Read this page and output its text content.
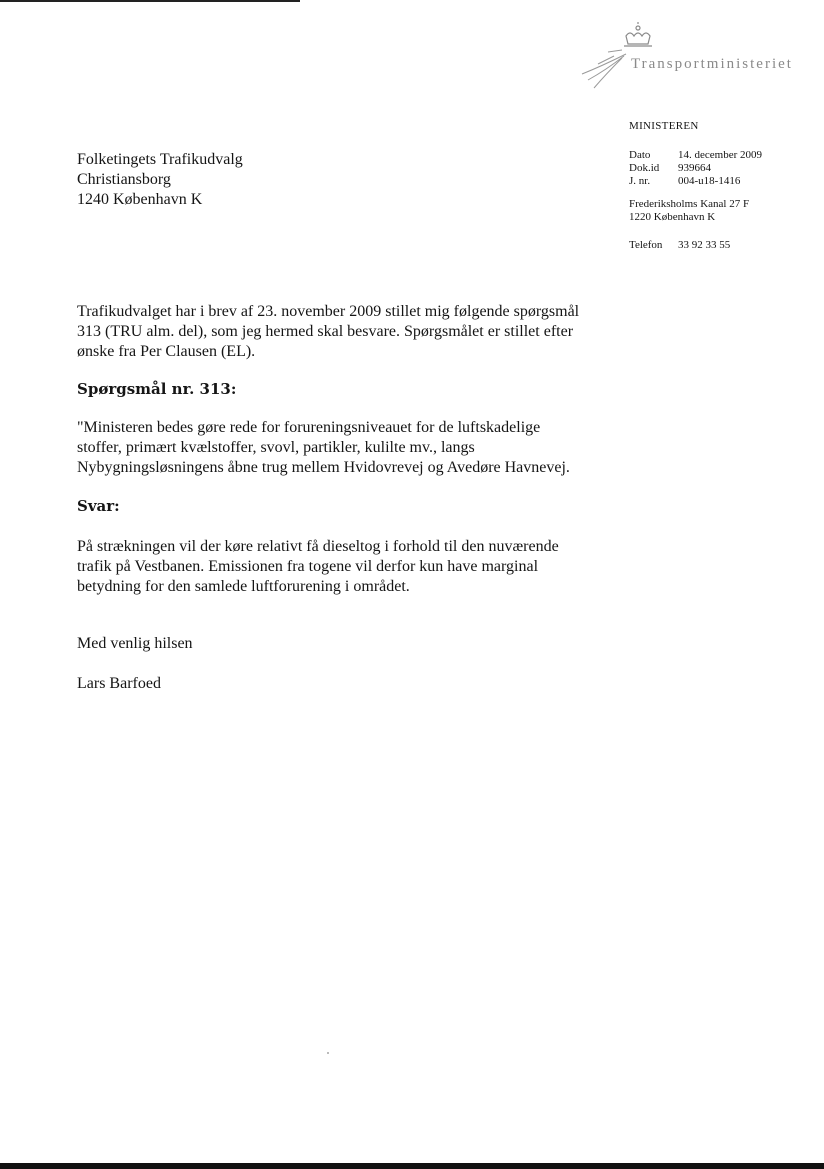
Transportministeriet
MINISTEREN
Dato	14. december 2009
Dok.id 939664
J. nr.	004-u18-1416
Frederiksholms Kanal 27 F
1220 København K
Telefon 33 92 33 55
Folketingets Trafikudvalg
Christiansborg
1240 København K
Trafikudvalget har i brev af 23. november 2009 stillet mig følgende spørgsmål
313 (TRU alm. del), som jeg hermed skal besvare. Spørgsmålet er stillet efter
ønske fra Per Clausen (EL).
Spørgsmål nr. 313:
"Ministeren bedes gøre rede for forureningsniveauet for de luftskadelige
stoffer, primært kvælstoffer, svovl, partikler, kulilte mv., langs
Nybygningsløsningens åbne trug mellem Hvidovrevej og Avedøre Havnevej.
Svar:
På strækningen vil der køre relativt få dieseltog i forhold til den nuværende
trafik på Vestbanen. Emissionen fra togene vil derfor kun have marginal
betydning for den samlede luftforurening i området.
Med venlig hilsen
Lars Barfoed
